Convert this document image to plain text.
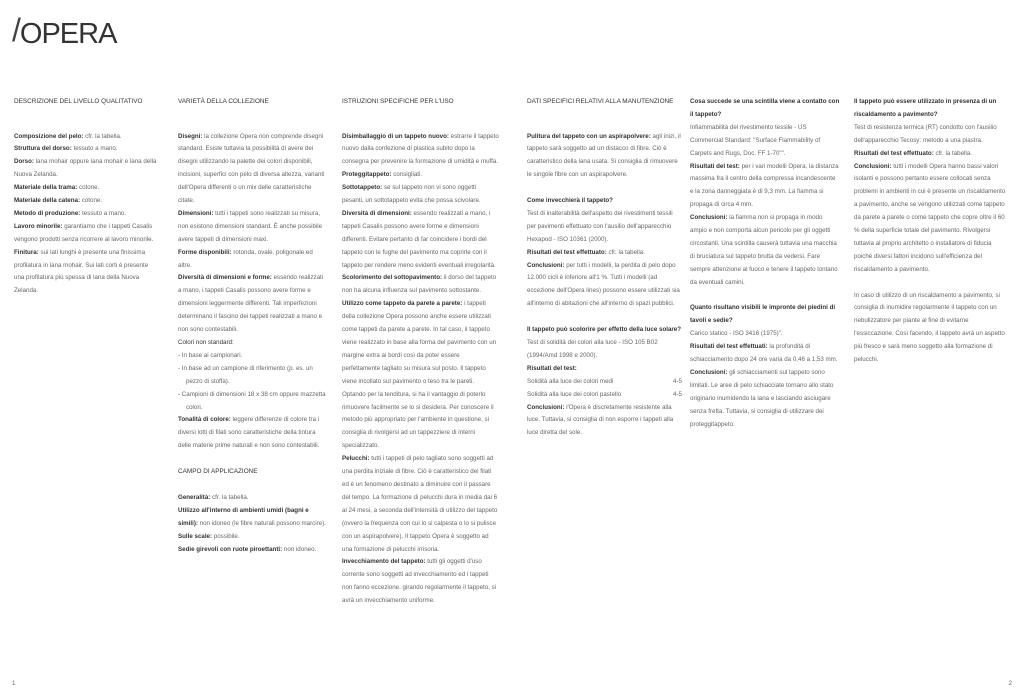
/OPERA
DESCRIZIONE DEL LIVELLO QUALITATIVO

Composizione del pelo: cfr. la tabella.

Struttura del dorso: tessuto a mano.

Dorso: lana mohair oppure lana mohair e lana della Nuova Zelanda.

Materiale della trama: cotone.

Materiale della catena: cotone.

Metodo di produzione: tessuto a mano.

Lavoro minorile: garantiamo che i tappeti Casalis vengono prodotti senza ricorrere al lavoro minorile.

Finitura: sui lati lunghi è presente una finissima profilatura in lana mohair. Sui lati corti è presente una profilatura più spessa di lana della Nuova Zelanda.

VARIETÀ DELLA COLLEZIONE

Disegni: la collezione Opera non comprende disegni standard. Esiste tuttavia la possibilità di avere dei disegni utilizzando la palette dei colori disponibili, incisioni, superfici con pelo di diversa altezza, varianti dell'Opera differenti o un mix delle caratteristiche citate.

Dimensioni: tutti i tappeti sono realizzati su misura, non esistono dimensioni standard. È anche possibile avere tappeti di dimensioni maxi.

Forme disponibili: rotonda, ovale, poligonale ed altre.

Diversità di dimensioni e forme: essendo realizzati a mano, i tappeti Casalis possono avere forme e dimensioni leggermente differenti. Tali imperfezioni determinano il fascino dei tappeti realizzati a mano e non sono contestabili.

Colori non standard:

- In base ai campionari.

- In base ad un campione di riferimento (p. es. un pezzo di stoffa).

- Campioni di dimensioni 18 x 38 cm oppure mazzetta colori.

Tonalità di colore: leggere differenze di colore tra i diversi lotti di filati sono caratteristiche della tintura delle materie prime naturali e non sono contestabili.

CAMPO DI APPLICAZIONE

Generalità: cfr. la tabella.

Utilizzo all'interno di ambienti umidi (bagni e simili): non idoneo (le fibre naturali possono marcire).

Sulle scale: possibile.

Sedie girevoli con ruote piroettanti: non idoneo.

ISTRUZIONI SPECIFICHE PER L'USO

Disimballaggio di un tappeto nuovo: estrarre il tappeto nuovo dalla confezione di plastica subito dopo la consegna per prevenire la formazione di umidità e muffa.

Proteggitappeto: consigliati.

Sottotappeto: se sul tappeto non vi sono oggetti pesanti, un sottotappeto evita che possa scivolare.

Diversità di dimensioni: essendo realizzati a mano, i tappeti Casalis possono avere forme e dimensioni differenti. Evitare pertanto di far coincidere i bordi del tappeto con le fughe del pavimento ma coprirle con il tappeto per rendere meno evidenti eventuali irregolarità.

Scolorimento del sottopavimento: il dorso del tappeto non ha alcuna influenza sul pavimento sottostante.

Utilizzo come tappeto da parete a parete: i tappeti della collezione Opera possono anche essere utilizzati come tappeti da parete a parete. In tal caso, il tappeto viene realizzato in base alla forma del pavimento con un margine extra ai bordi così da poter essere perfettamente tagliato su misura sul posto. Il tappeto viene incollato sul pavimento o teso tra le pareti. Optando per la tenditura, si ha il vantaggio di poterlo rimuovere facilmente se lo si desidera. Per conoscere il metodo più appropriato per l'ambiente in questione, si consiglia di rivolgersi ad un tappezziere di interni specializzato.

Pelucchi: tutti i tappeti di pelo tagliato sono soggetti ad una perdita iniziale di fibre. Ciò è caratteristico dei filati ed è un fenomeno destinato a diminuire con il passare del tempo. La formazione di pelucchi dura in media dai 6 ai 24 mesi, a seconda dell'intensità di utilizzo del tappeto (ovvero la frequenza con cui lo si calpesta o lo si pulisce con un aspirapolvere). Il tappeto Opera è soggetto ad una formazione di pelucchi irrisoria.

Invecchiamento del tappeto: tutti gli oggetti d'uso corrente sono soggetti ad invecchiamento ed i tappeti non fanno eccezione. girando regolarmente il tappeto, si avrà un invecchiamento uniforme.

DATI SPECIFICI RELATIVI ALLA MANUTENZIONE

Pulitura del tappeto con un aspirapolvere: agli inizi, il tappeto sarà soggetto ad un distacco di fibre. Ciò è caratteristico della lana usata. Si consiglia di rimuovere le singole fibre con un aspirapolvere.

Come invecchierà il tappeto?

Test di inalterabilità dell'aspetto dei rivestimenti tessili per pavimenti effettuato con l'ausilio dell'apparecchio Hexapod - ISO 10361 (2000).

Risultati del test effettuato: cfr. la tabella.

Conclusioni: per tutti i modelli, la perdita di pelo dopo 12.000 cicli è inferiore all'1 %. Tutti i modelli (ad eccezione dell'Opera lines) possono essere utilizzati sia all'interno di abitazioni che all'interno di spazi pubblici.

Il tappeto può scolorire per effetto della luce solare?

Test di solidità dei colori alla luce - ISO 105 B02 (1994/Amd 1998 e 2000).

Risultati del test:

Solidità alla luce dei colori medi	4-5

Solidità alla luce dei colori pastello	4-5

Conclusioni: l'Opera è discretamente resistente alla luce. Tuttavia, si consiglia di non esporre i tappeti alla luce diretta del sole.

Cosa succede se una scintilla viene a contatto con il tappeto?

Infiammabilità del rivestimento tessile - US Commercial Standard: "Surface Flammability of Carpets and Rugs, Doc. FF 1-70"".

Risultati del test: per i vari modelli Opera, la distanza massima fra il centro della compressa incandescente e la zona danneggiata è di 9,3 mm. La fiamma si propaga di circa 4 mm.

Conclusioni: la fiamma non si propaga in modo ampio e non comporta alcun pericolo per gli oggetti circostanti. Una scintilla causerà tuttavia una macchia di bruciatura sul tappeto brutta da vedersi. Fare sempre attenzione al fuoco e tenere il tappeto lontano da eventuali camini.

Quanto risultano visibili le impronte dei piedini di tavoli e sedie?

Carico statico - ISO 3416 (1975)".

Risultati del test effettuati: la profondità di schiacciamento dopo 24 ore varia da 0,46 a 1,53 mm.

Conclusioni: gli schiacciamenti sul tappeto sono limitati. Le aree di pelo schiacciate tornano allo stato originario inumidendo la lana e lasciando asciugare senza fretta. Tuttavia, si consiglia di utilizzare dei proteggitappeto.

Il tappeto può essere utilizzato in presenza di un riscaldamento a pavimento?

Test di resistenza termica (RT) condotto con l'ausilio dell'apparecchio Tecosy: metodo a una piastra.

Risultati del test effettuato: cfr. la tabella.

Conclusioni: tutti i modelli Opera hanno bassi valori isolanti e possono pertanto essere collocati senza problemi in ambienti in cui è presente un riscaldamento a pavimento, anche se vengono utilizzati come tappeto da parete a parete o come tappeto che copre oltre il 60 % della superficie totale del pavimento. Rivolgersi tuttavia al proprio architetto o installatore di fiducia poiché diversi fattori incidono sull'efficienza del riscaldamento a pavimento.

In caso di utilizzo di un riscaldamento a pavimento, si consiglia di inumidire regolarmente il tappeto con un nebulizzatore per piante al fine di evitarne l'essiccazione. Così facendo, il tappeto avrà un aspetto più fresco e sarà meno soggetto alla formazione di pelucchi.

1	2
